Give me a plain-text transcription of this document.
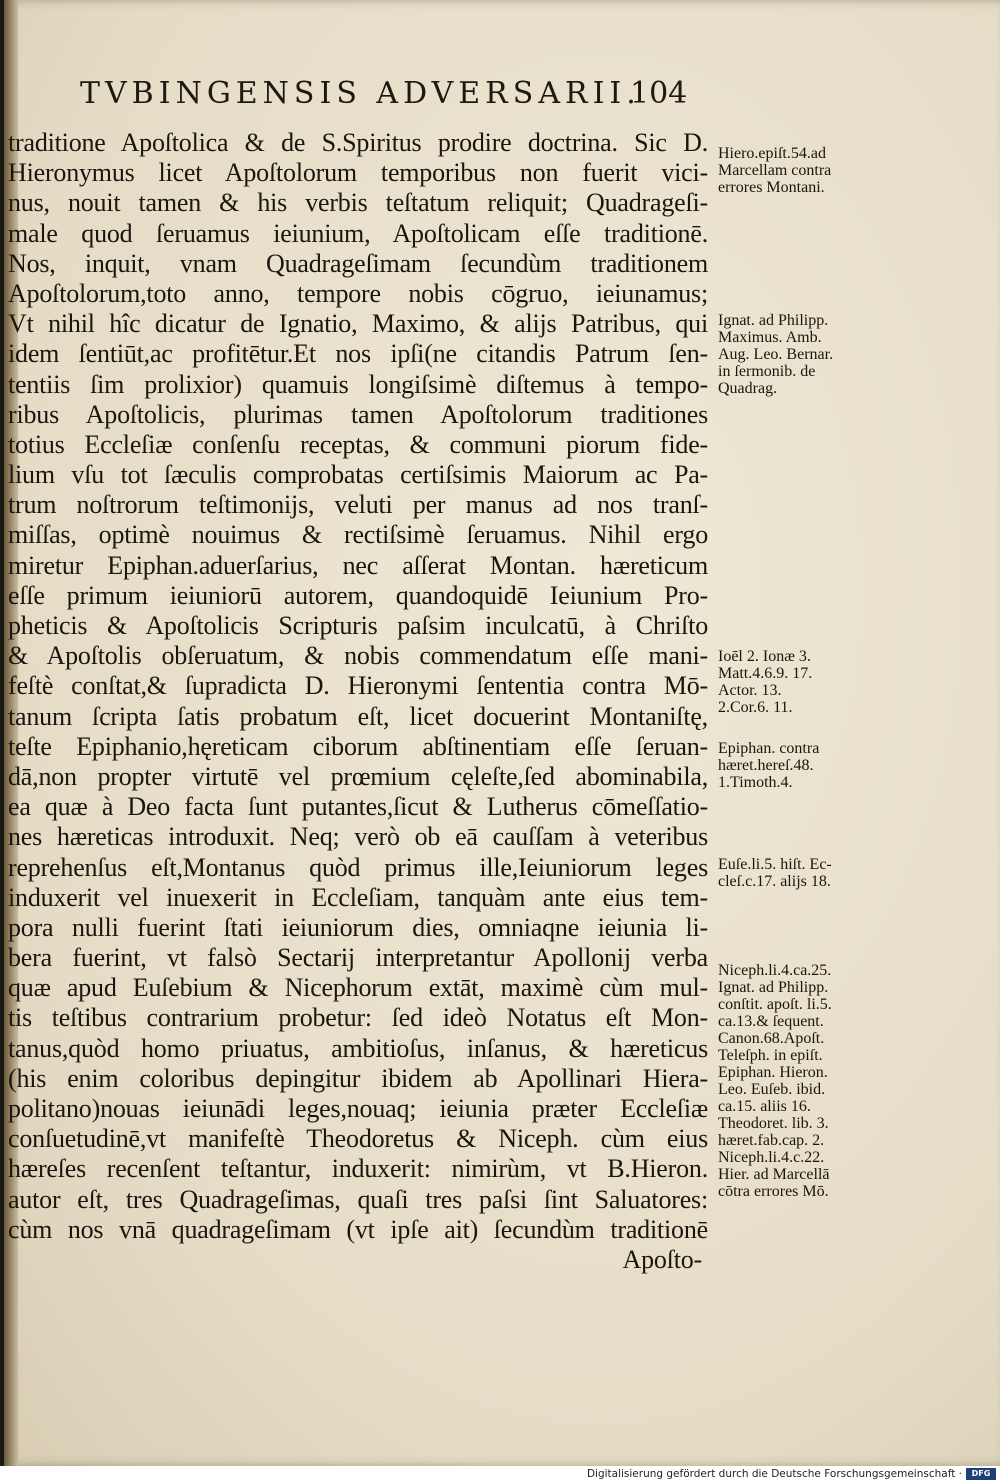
TVBINGENSIS ADVERSARII.
104
traditione Apoſtolica & de S.Spiritus prodire doctrina. Sic D.
Hieronymus licet Apoſtolorum temporibus non fuerit vici-
nus, nouit tamen & his verbis teſtatum reliquit; Quadrageſi-
male quod ſeruamus ieiunium, Apoſtolicam eſſe traditionē.
Nos, inquit, vnam Quadrageſimam ſecundùm traditionem
Apoſtolorum,toto anno, tempore nobis cōgruo, ieiunamus;
Vt nihil hîc dicatur de Ignatio, Maximo, & alijs Patribus, qui
idem ſentiūt,ac profitētur.Et nos ipſi(ne citandis Patrum ſen-
tentiis ſim prolixior) quamuis longiſsimè diſtemus à tempo-
ribus Apoſtolicis, plurimas tamen Apoſtolorum traditiones
totius Eccleſiæ conſenſu receptas, & communi piorum fide-
lium vſu tot ſæculis comprobatas certiſsimis Maiorum ac Pa-
trum noſtrorum teſtimonijs, veluti per manus ad nos tranſ-
miſſas, optimè nouimus & rectiſsimè ſeruamus. Nihil ergo
miretur Epiphan.aduerſarius, nec aſſerat Montan. hæreticum
eſſe primum ieiuniorū autorem, quandoquidē Ieiunium Pro-
pheticis & Apoſtolicis Scripturis paſsim inculcatū, à Chriſto
& Apoſtolis obſeruatum, & nobis commendatum eſſe mani-
feſtè conſtat,& ſupradicta D. Hieronymi ſententia contra Mō-
tanum ſcripta ſatis probatum eſt, licet docuerint Montaniſtę,
teſte Epiphanio,hęreticam ciborum abſtinentiam eſſe ſeruan-
dā,non propter virtutē vel prœmium cęleſte,ſed abominabila,
ea quæ à Deo facta ſunt putantes,ſicut & Lutherus cōmeſſatio-
nes hæreticas introduxit. Neq; verò ob eā cauſſam à veteribus
reprehenſus eſt,Montanus quòd primus ille,Ieiuniorum leges
induxerit vel inuexerit in Eccleſiam, tanquàm ante eius tem-
pora nulli fuerint ſtati ieiuniorum dies, omniaqne ieiunia li-
bera fuerint, vt falsò Sectarij interpretantur Apollonij verba
quæ apud Euſebium & Nicephorum extāt, maximè cùm mul-
tis teſtibus contrarium probetur: ſed ideò Notatus eſt Mon-
tanus,quòd homo priuatus, ambitioſus, inſanus, & hæreticus
(his enim coloribus depingitur ibidem ab Apollinari Hiera-
politano)nouas ieiunādi leges,nouaq; ieiunia præter Eccleſiæ
conſuetudinē,vt manifeſtè Theodoretus & Niceph. cùm eius
hæreſes recenſent teſtantur, induxerit: nimirùm, vt B.Hieron.
autor eſt, tres Quadrageſimas, quaſi tres paſsi ſint Saluatores:
cùm nos vnā quadrageſimam (vt ipſe ait) ſecundùm traditionē
Apoſto-
Hiero.epiſt.54.ad
Marcellam contra
errores Montani.
Ignat. ad Philipp.
Maximus. Amb.
Aug. Leo. Bernar.
in ſermonib. de
Quadrag.
Ioēl 2. Ionæ 3.
Matt.4.6.9. 17.
Actor. 13.
2.Cor.6. 11.
Epiphan. contra
hæret.hereſ.48.
1.Timoth.4.
Euſe.li.5. hiſt. Ec-
cleſ.c.17. alijs 18.
Niceph.li.4.ca.25.
Ignat. ad Philipp.
conſtit. apoſt. li.5.
ca.13.& ſequent.
Canon.68.Apoſt.
Teleſph. in epiſt.
Epiphan. Hieron.
Leo. Euſeb. ibid.
ca.15. aliis 16.
Theodoret. lib. 3.
hæret.fab.cap. 2.
Niceph.li.4.c.22.
Hier. ad Marcellā
cōtra errores Mō.
Digitalisierung gefördert durch die Deutsche Forschungsgemeinschaft ·	DFG
